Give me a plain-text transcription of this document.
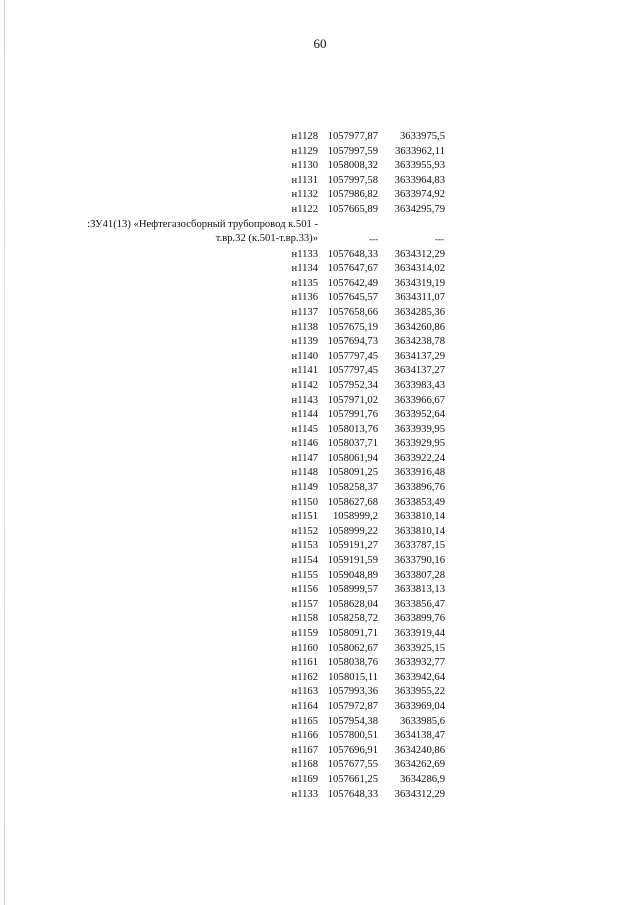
60
н1128 1057977,87 3633975,5
н1129 1057997,59 3633962,11
н1130 1058008,32 3633955,93
н1131 1057997,58 3633964,83
н1132 1057986,82 3633974,92
н1122 1057665,89 3634295,79
:ЗУ41(13) «Нефтегазосборный трубопровод к.501 -
т.вр.32 (к.501-т.вр.33)»	---	---
н1133 1057648,33 3634312,29
н1134 1057647,67 3634314,02
н1135 1057642,49 3634319,19
н1136 1057645,57 3634311,07
н1137 1057658,66 3634285,36
н1138 1057675,19 3634260,86
н1139 1057694,73 3634238,78
н1140 1057797,45 3634137,29
н1141 1057797,45 3634137,27
н1142 1057952,34 3633983,43
н1143 1057971,02 3633966,67
н1144 1057991,76 3633952,64
н1145 1058013,76 3633939,95
н1146 1058037,71 3633929,95
н1147 1058061,94 3633922,24
н1148 1058091,25 3633916,48
н1149 1058258,37 3633896,76
н1150 1058627,68 3633853,49
н1151 1058999,2 3633810,14
н1152 1058999,22 3633810,14
н1153 1059191,27 3633787,15
н1154 1059191,59 3633790,16
н1155 1059048,89 3633807,28
н1156 1058999,57 3633813,13
н1157 1058628,04 3633856,47
н1158 1058258,72 3633899,76
н1159 1058091,71 3633919,44
н1160 1058062,67 3633925,15
н1161 1058038,76 3633932,77
н1162 1058015,11 3633942,64
н1163 1057993,36 3633955,22
н1164 1057972,87 3633969,04
н1165 1057954,38 3633985,6
н1166 1057800,51 3634138,47
н1167 1057696,91 3634240,86
н1168 1057677,55 3634262,69
н1169 1057661,25 3634286,9
н1133 1057648,33 3634312,29
